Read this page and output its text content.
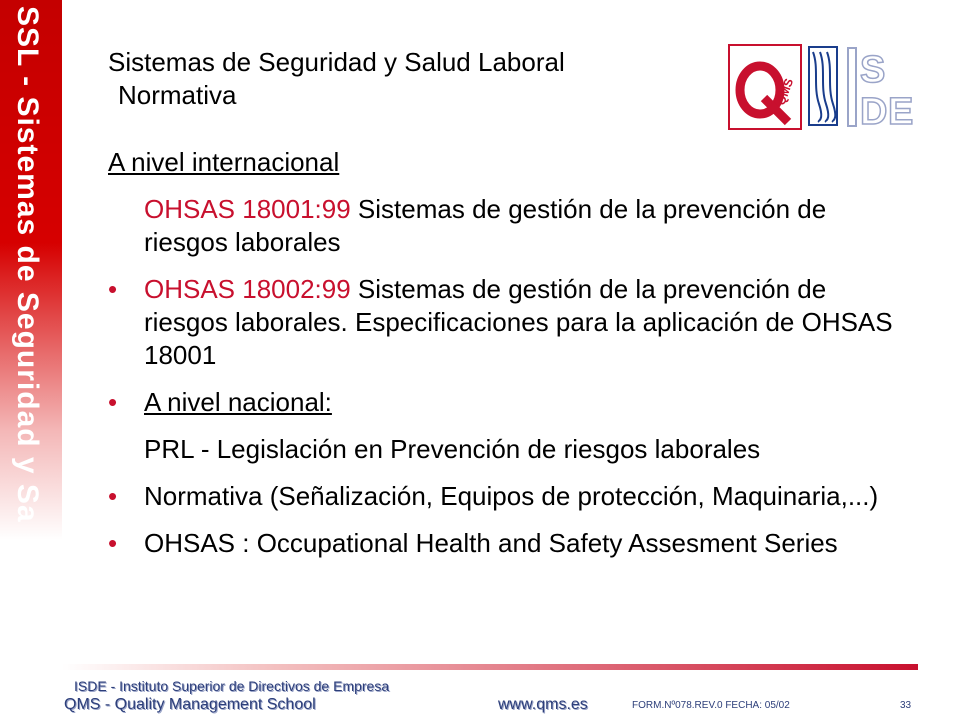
SSL - Sistemas de Seguridad y Sa Sistemas de Seguridad y Salud Laboral
Normativa	QMS
S
D E
A nivel internacional
OHSAS 18001:99 Sistemas de gestión de la prevención de riesgos laborales
• OHSAS 18002:99 Sistemas de gestión de la prevención de riesgos laborales. Especificaciones para la aplicación de OHSAS 18001
• A nivel nacional:
PRL - Legislación en Prevención de riesgos laborales
• Normativa (Señalización, Equipos de protección, Maquinaria,...)
• OHSAS : Occupational Health and Safety Assesment Series
ISDE - Instituto Superior de Directivos de Empresa
QMS - Quality Management School	www.qms.es	FORM.Nº078.REV.0 FECHA: 05/02	33
